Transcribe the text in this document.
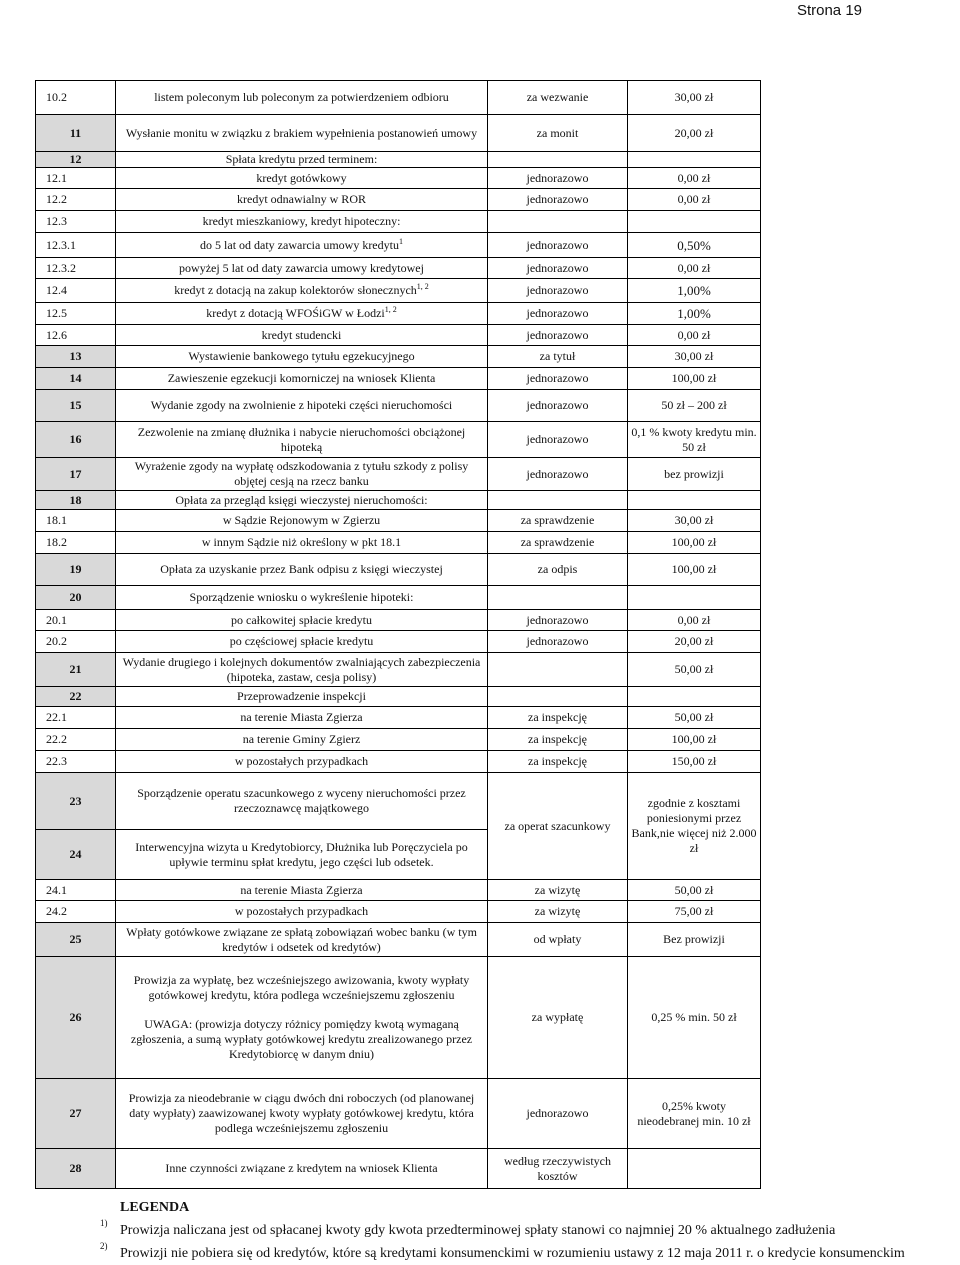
Strona 19
10.2	listem poleconym lub poleconym za potwierdzeniem odbioru	za wezwanie	30,00 zł
11	Wysłanie monitu w związku z brakiem wypełnienia postanowień umowy	za monit	20,00 zł
12	Spłata kredytu przed terminem:		
12.1	kredyt gotówkowy	jednorazowo	0,00 zł
12.2	kredyt odnawialny w ROR	jednorazowo	0,00 zł
12.3	kredyt mieszkaniowy, kredyt hipoteczny:		
12.3.1	do 5 lat od daty zawarcia umowy kredytu$^1$	jednorazowo	0,50%
12.3.2	powyżej 5 lat od daty zawarcia umowy kredytowej	jednorazowo	0,00 zł
12.4	kredyt z dotacją na zakup kolektorów słonecznych$^{1, 2}$	jednorazowo	1,00%
12.5	kredyt z dotacją WFOŚiGW w Łodzi$^{1, 2}$	jednorazowo	1,00%
12.6	kredyt studencki	jednorazowo	0,00 zł
13	Wystawienie bankowego tytułu egzekucyjnego	za tytuł	30,00 zł
14	Zawieszenie egzekucji komorniczej na wniosek Klienta	jednorazowo	100,00 zł
15	Wydanie zgody na zwolnienie z hipoteki części nieruchomości	jednorazowo	50 zł – 200 zł
16	Zezwolenie na zmianę dłużnika i nabycie nieruchomości obciążonej hipoteką	jednorazowo	0,1 % kwoty kredytu min. 50 zł
17	Wyrażenie zgody na wypłatę odszkodowania z tytułu szkody z polisy objętej cesją na rzecz banku	jednorazowo	bez prowizji
18	Opłata za przegląd księgi wieczystej nieruchomości:		
18.1	w Sądzie Rejonowym w Zgierzu	za sprawdzenie	30,00 zł
18.2	w innym Sądzie niż określony w pkt 18.1	za sprawdzenie	100,00 zł
19	Opłata za uzyskanie przez Bank odpisu z księgi wieczystej	za odpis	100,00 zł
20	Sporządzenie wniosku o wykreślenie hipoteki:		
20.1	po całkowitej spłacie kredytu	jednorazowo	0,00 zł
20.2	po częściowej spłacie kredytu	jednorazowo	20,00 zł
21	Wydanie drugiego i kolejnych dokumentów zwalniających zabezpieczenia (hipoteka, zastaw, cesja polisy)		50,00 zł
22	Przeprowadzenie inspekcji		
22.1	na terenie Miasta Zgierza	za inspekcję	50,00 zł
22.2	na terenie Gminy Zgierz	za inspekcję	100,00 zł
22.3	w pozostałych przypadkach	za inspekcję	150,00 zł
23	Sporządzenie operatu szacunkowego z wyceny nieruchomości przez rzeczoznawcę majątkowego	za operat szacunkowy	zgodnie z kosztami poniesionymi przez Bank,nie więcej niż 2.000 zł
24	Interwencyjna wizyta u Kredytobiorcy, Dłużnika lub Poręczyciela po upływie terminu spłat kredytu, jego części lub odsetek.		
24.1	na terenie Miasta Zgierza	za wizytę	50,00 zł
24.2	w pozostałych przypadkach	za wizytę	75,00 zł
25	Wpłaty gotówkowe związane ze spłatą zobowiązań wobec banku (w tym kredytów i odsetek od kredytów)	od wpłaty	Bez prowizji
26	Prowizja za wypłatę, bez wcześniejszego awizowania, kwoty wypłaty gotówkowej kredytu, która podlega wcześniejszemu zgłoszeniu
UWAGA: (prowizja dotyczy różnicy pomiędzy kwotą wymaganą zgłoszenia, a sumą wypłaty gotówkowej kredytu zrealizowanego przez Kredytobiorcę w danym dniu)	za wypłatę	0,25 % min. 50 zł
27	Prowizja za nieodebranie w ciągu dwóch dni roboczych (od planowanej daty wypłaty) zaawizowanej kwoty wypłaty gotówkowej kredytu, która podlega wcześniejszemu zgłoszeniu	jednorazowo	0,25% kwoty nieodebranej min. 10 zł
28	Inne czynności związane z kredytem na wniosek Klienta	według rzeczywistych kosztów	
LEGENDA
1) Prowizja naliczana jest od spłacanej kwoty gdy kwota przedterminowej spłaty stanowi co najmniej 20 % aktualnego zadłużenia
2) Prowizji nie pobiera się od kredytów, które są kredytami konsumenckimi w rozumieniu ustawy z 12 maja 2011 r. o kredycie konsumenckim
